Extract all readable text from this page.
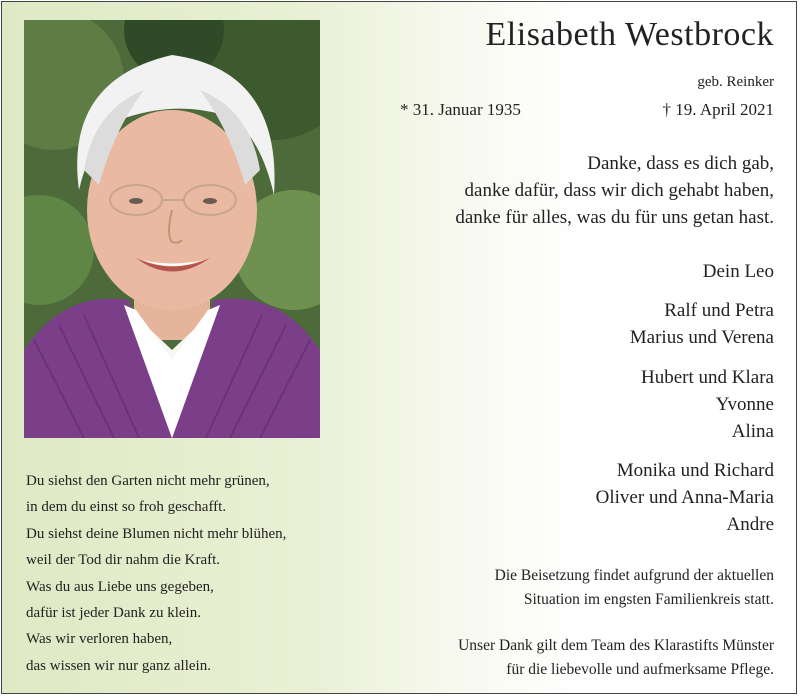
Du siehst den Garten nicht mehr grünen,
in dem du einst so froh geschafft.
Du siehst deine Blumen nicht mehr blühen,
weil der Tod dir nahm die Kraft.
Was du aus Liebe uns gegeben,
dafür ist jeder Dank zu klein.
Was wir verloren haben,
das wissen wir nur ganz allein.
Elisabeth Westbrock
geb. Reinker
* 31. Januar 1935	† 19. April 2021
Danke, dass es dich gab,
danke dafür, dass wir dich gehabt haben,
danke für alles, was du für uns getan hast.
Dein Leo
Ralf und Petra
Marius und Verena
Hubert und Klara
Yvonne
Alina
Monika und Richard
Oliver und Anna-Maria
Andre
Die Beisetzung findet aufgrund der aktuellen
Situation im engsten Familienkreis statt.
Unser Dank gilt dem Team des Klarastifts Münster
für die liebevolle und aufmerksame Pflege.
